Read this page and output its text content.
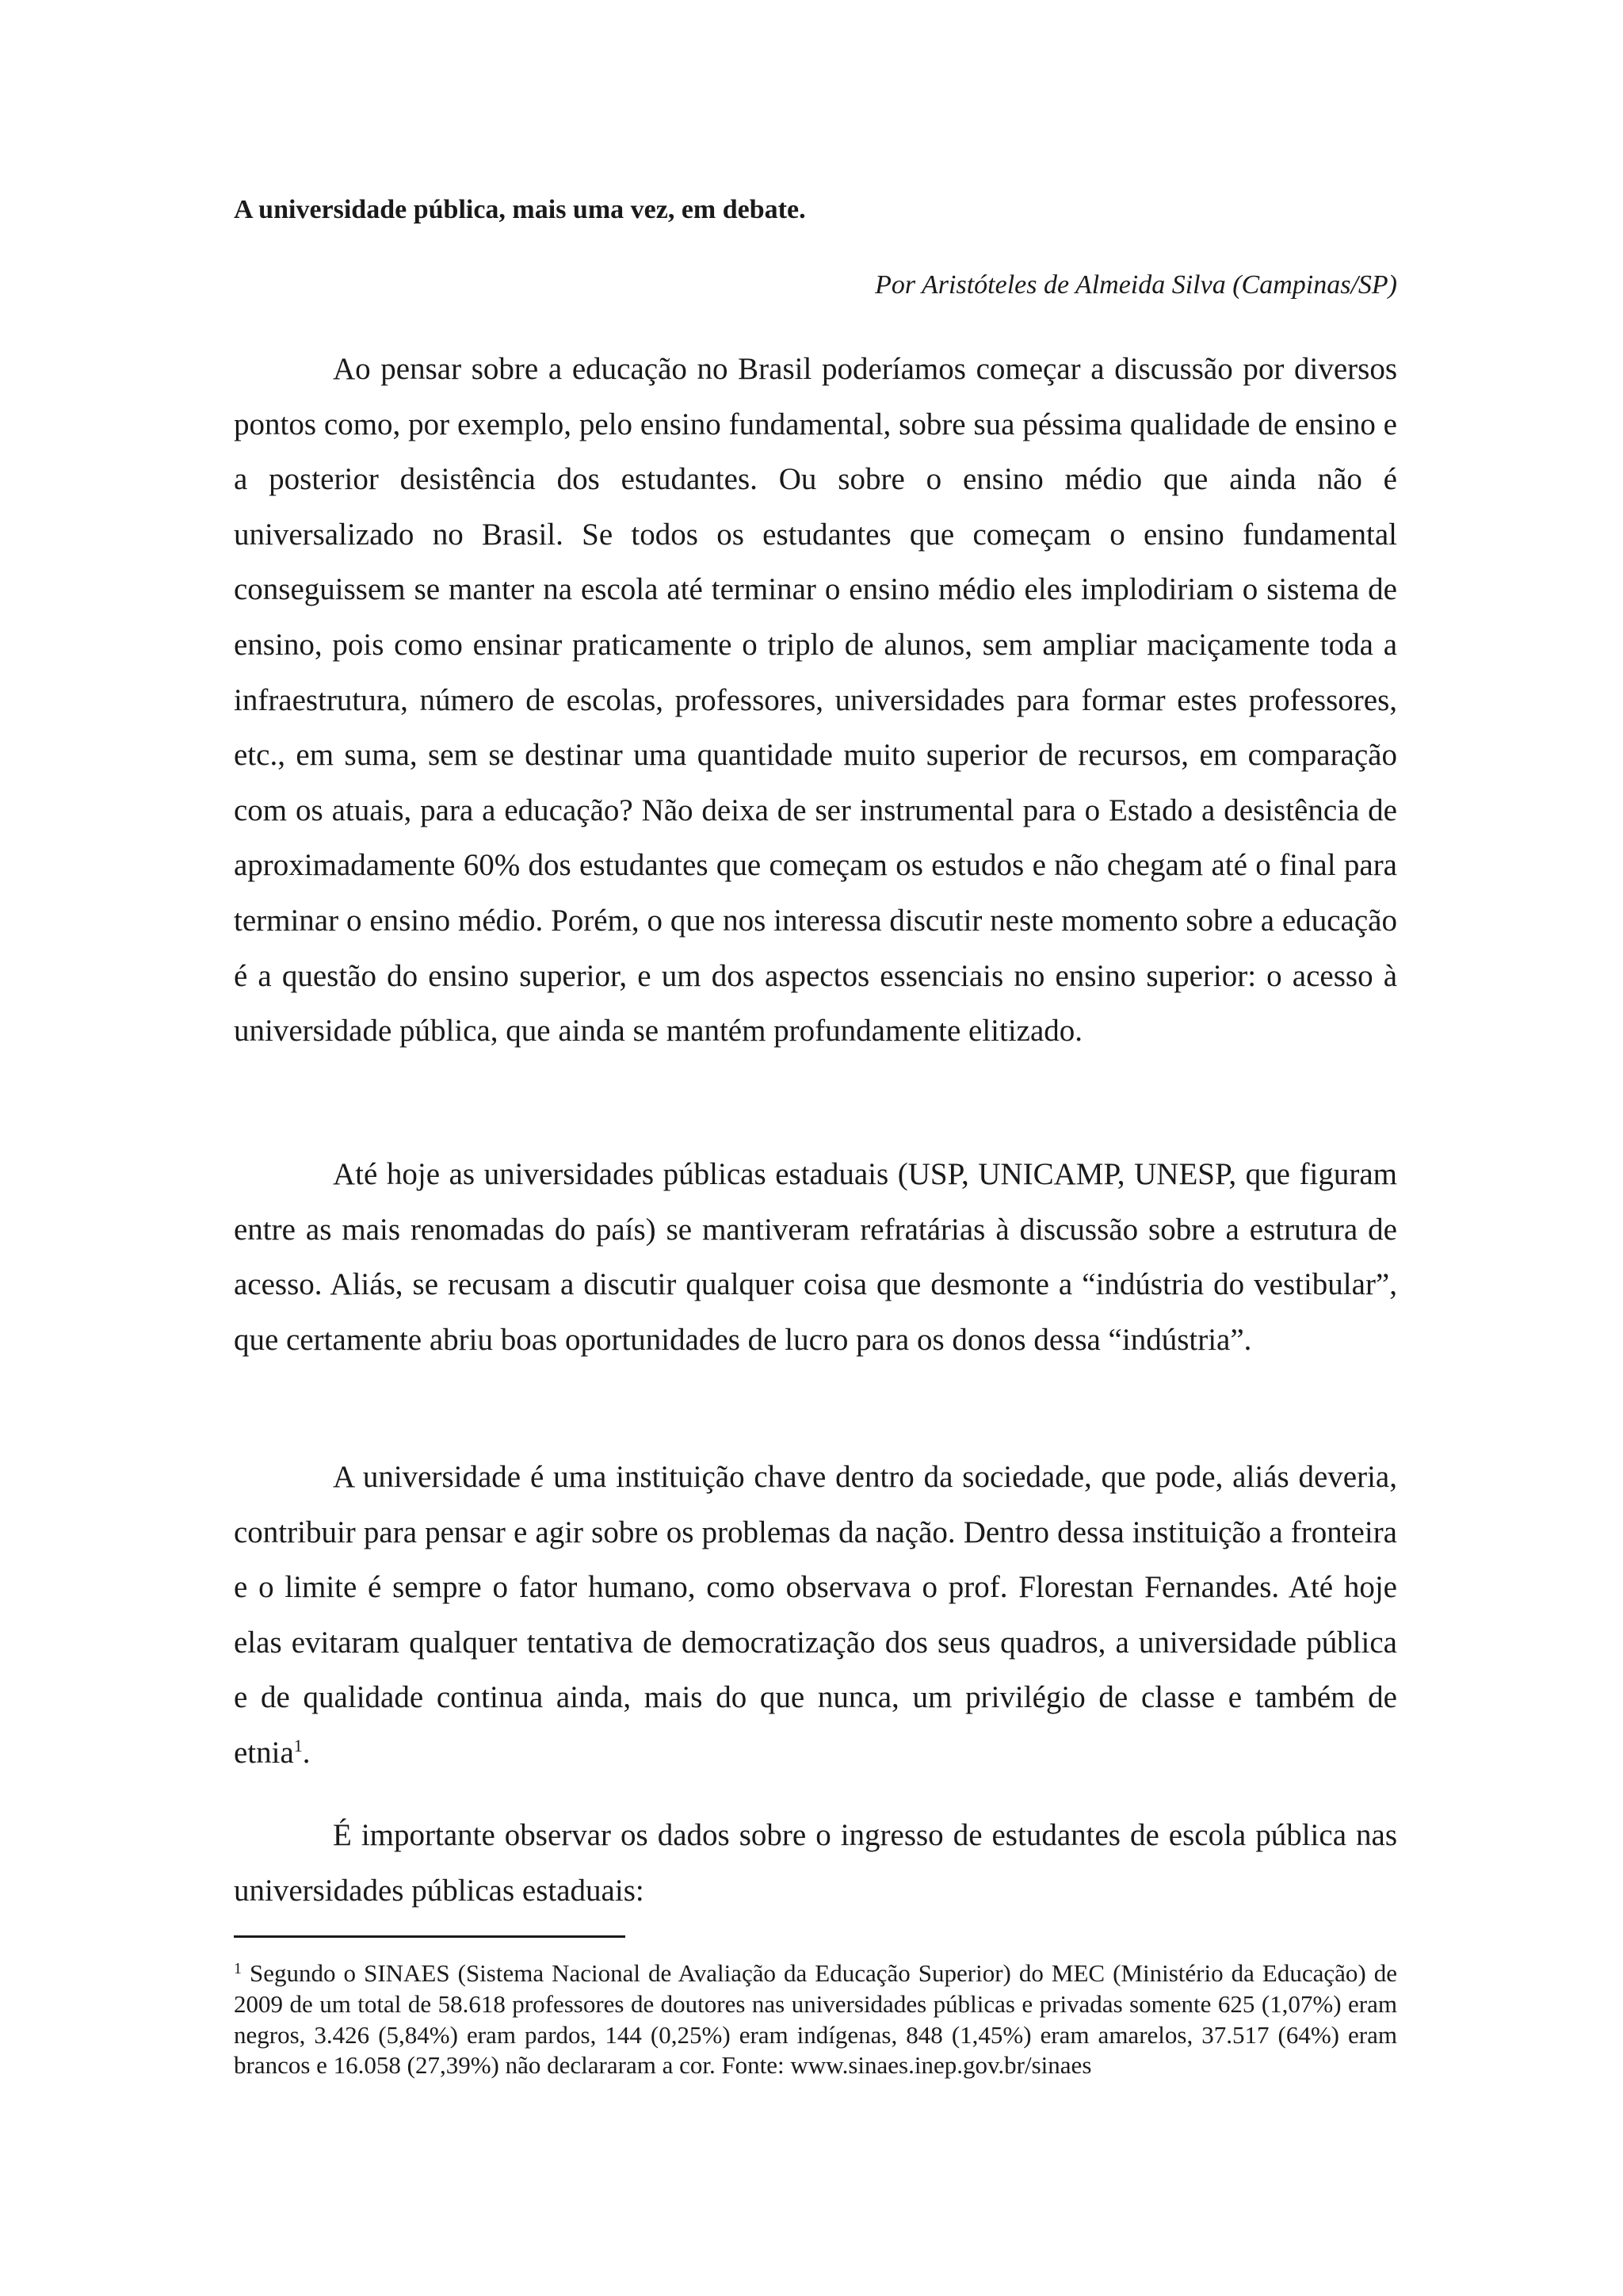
A universidade pública, mais uma vez, em debate.

Por Aristóteles de Almeida Silva (Campinas/SP)

Ao pensar sobre a educação no Brasil poderíamos começar a discussão por diversos pontos como, por exemplo, pelo ensino fundamental, sobre sua péssima qualidade de ensino e a posterior desistência dos estudantes. Ou sobre o ensino médio que ainda não é universalizado no Brasil. Se todos os estudantes que começam o ensino fundamental conseguissem se manter na escola até terminar o ensino médio eles implodiriam o sistema de ensino, pois como ensinar praticamente o triplo de alunos, sem ampliar maciçamente toda a infraestrutura, número de escolas, professores, universidades para formar estes professores, etc., em suma, sem se destinar uma quantidade muito superior de recursos, em comparação com os atuais, para a educação? Não deixa de ser instrumental para o Estado a desistência de aproximadamente 60% dos estudantes que começam os estudos e não chegam até o final para terminar o ensino médio. Porém, o que nos interessa discutir neste momento sobre a educação é a questão do ensino superior, e um dos aspectos essenciais no ensino superior: o acesso à universidade pública, que ainda se mantém profundamente elitizado.

Até hoje as universidades públicas estaduais (USP, UNICAMP, UNESP, que figuram entre as mais renomadas do país) se mantiveram refratárias à discussão sobre a estrutura de acesso. Aliás, se recusam a discutir qualquer coisa que desmonte a “indústria do vestibular”, que certamente abriu boas oportunidades de lucro para os donos dessa “indústria”.

A universidade é uma instituição chave dentro da sociedade, que pode, aliás deveria, contribuir para pensar e agir sobre os problemas da nação. Dentro dessa instituição a fronteira e o limite é sempre o fator humano, como observava o prof. Florestan Fernandes. Até hoje elas evitaram qualquer tentativa de democratização dos seus quadros, a universidade pública e de qualidade continua ainda, mais do que nunca, um privilégio de classe e também de etnia$^1$.

É importante observar os dados sobre o ingresso de estudantes de escola pública nas universidades públicas estaduais:

$^1$ Segundo o SINAES (Sistema Nacional de Avaliação da Educação Superior) do MEC (Ministério da Educação) de 2009 de um total de 58.618 professores de doutores nas universidades públicas e privadas somente 625 (1,07%) eram negros, 3.426 (5,84%) eram pardos, 144 (0,25%) eram indígenas, 848 (1,45%) eram amarelos, 37.517 (64%) eram brancos e 16.058 (27,39%) não declararam a cor. Fonte: www.sinaes.inep.gov.br/sinaes
